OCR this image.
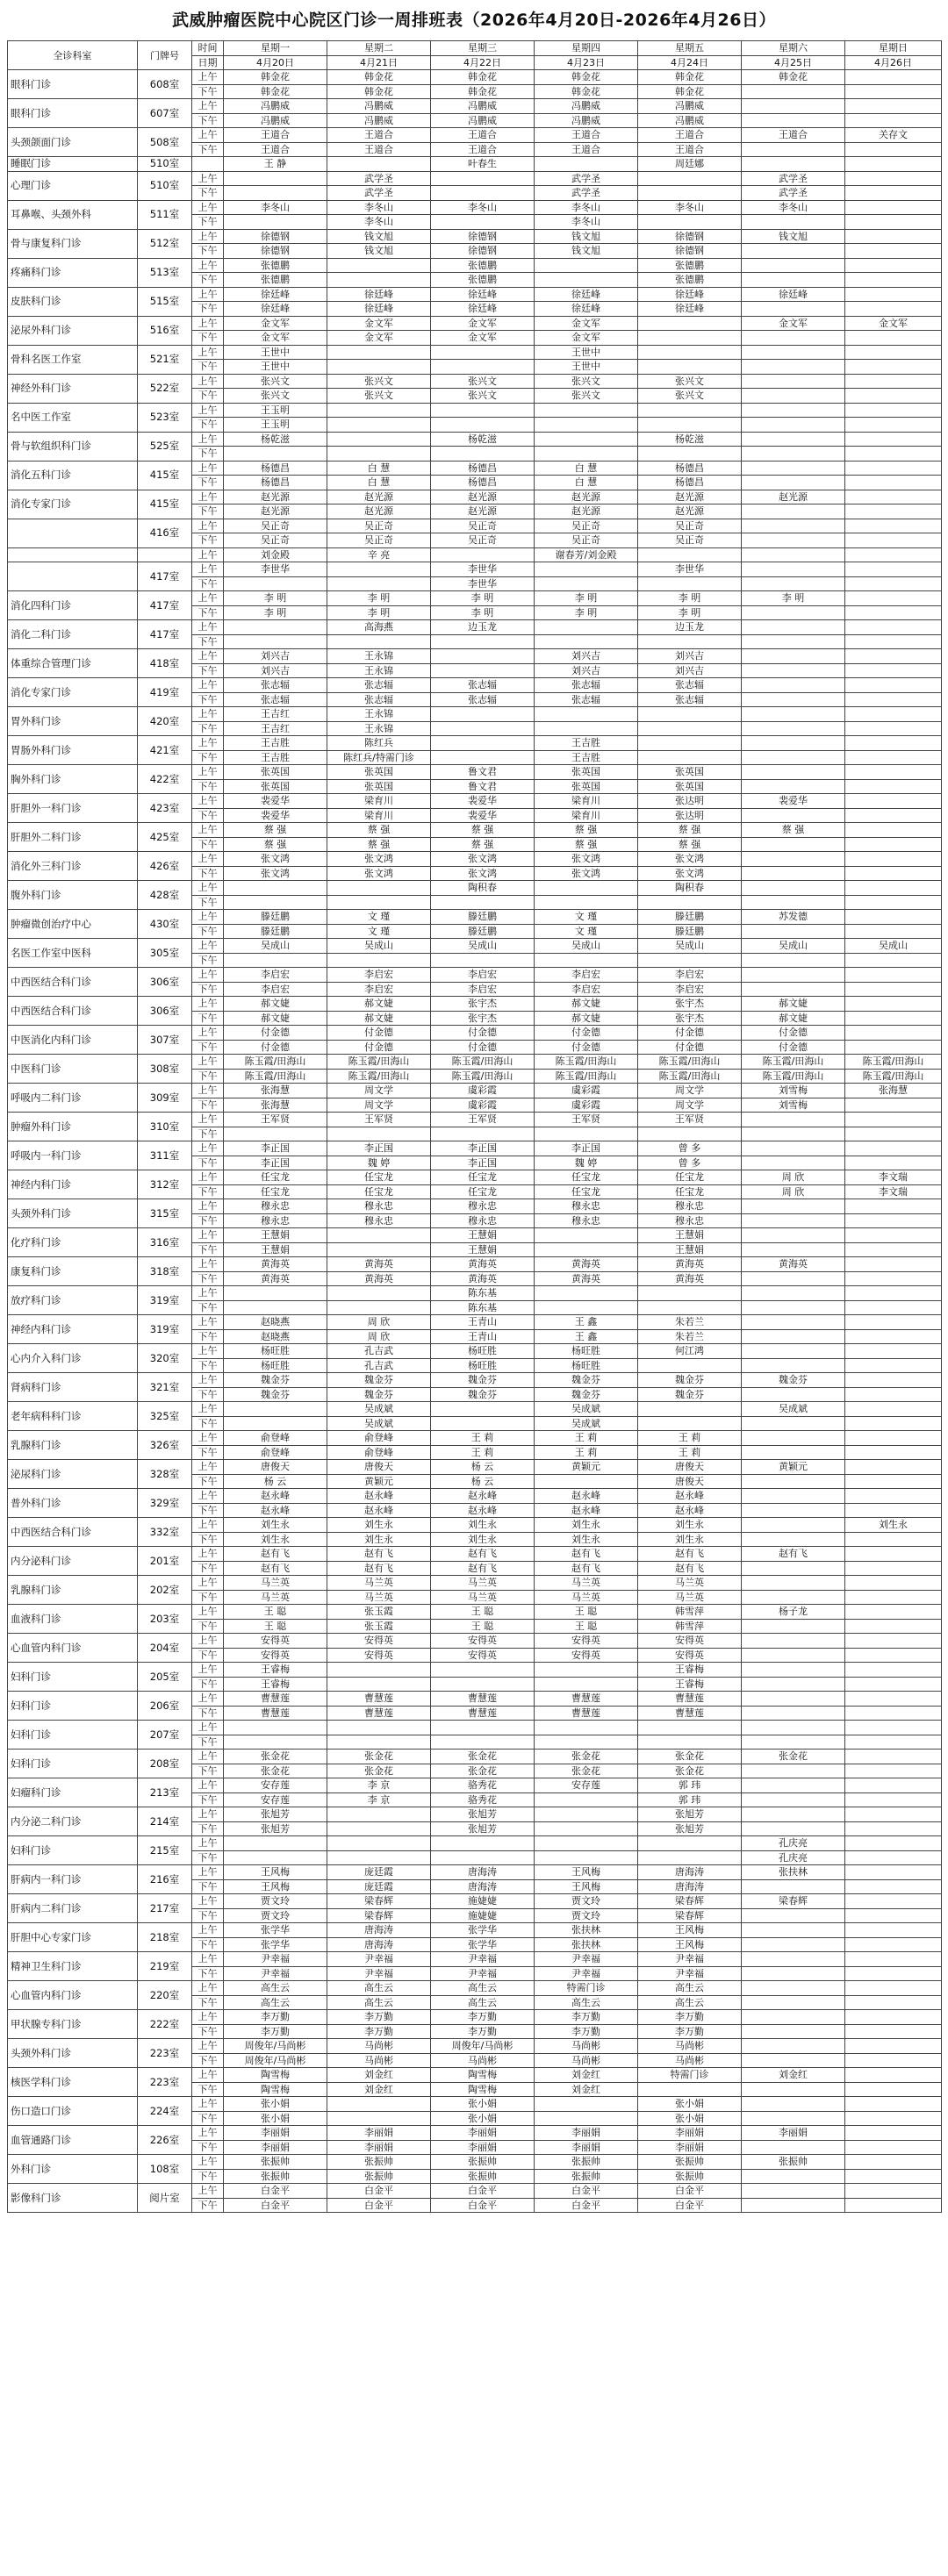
武威肿瘤医院中心院区门诊一周排班表（2026年4月20日-2026年4月26日）
全诊科室	门牌号	时间	星期一	星期二	星期三	星期四	星期五	星期六	星期日
		日期	4月20日	4月21日	4月22日	4月23日	4月24日	4月25日	4月26日
眼科门诊	608室	上午	韩金花	韩金花	韩金花	韩金花	韩金花	韩金花	
		下午	韩金花	韩金花	韩金花	韩金花	韩金花		
眼科门诊	607室	上午	冯鹏威	冯鹏威	冯鹏威	冯鹏威	冯鹏威		
		下午	冯鹏威	冯鹏威	冯鹏威	冯鹏威	冯鹏威		
头颈颌面门诊	508室	上午	王道合	王道合	王道合	王道合	王道合	王道合	关存文
		下午	王道合	王道合	王道合	王道合	王道合		
睡眠门诊	510室		王 静		叶春生		周廷娜		
心理门诊	510室	上午		武学圣		武学圣		武学圣	
		下午		武学圣		武学圣		武学圣	
耳鼻喉、头颈外科	511室	上午	李冬山	李冬山	李冬山	李冬山	李冬山	李冬山	
		下午		李冬山		李冬山			
骨与康复科门诊	512室	上午	徐德钢	钱文旭	徐德钢	钱文旭	徐德钢	钱文旭	
		下午	徐德钢	钱文旭	徐德钢	钱文旭	徐德钢		
疼痛科门诊	513室	上午	张德鹏		张德鹏		张德鹏		
		下午	张德鹏		张德鹏		张德鹏		
皮肤科门诊	515室	上午	徐廷峰	徐廷峰	徐廷峰	徐廷峰	徐廷峰	徐廷峰	
		下午	徐廷峰	徐廷峰	徐廷峰	徐廷峰	徐廷峰		
泌尿外科门诊	516室	上午	金文军	金文军	金文军	金文军		金文军	金文军
		下午	金文军	金文军	金文军	金文军			
骨科名医工作室	521室	上午	王世中			王世中			
		下午	王世中			王世中			
神经外科门诊	522室	上午	张兴文	张兴文	张兴文	张兴文	张兴文		
		下午	张兴文	张兴文	张兴文	张兴文	张兴文		
名中医工作室	523室	上午	王玉明						
		下午	王玉明						
骨与软组织科门诊	525室	上午	杨乾滋		杨乾滋		杨乾滋		
		下午							
消化五科门诊	415室	上午	杨德昌	白 慧	杨德昌	白 慧	杨德昌		
		下午	杨德昌	白 慧	杨德昌	白 慧	杨德昌		
消化专家门诊	415室	上午	赵光源	赵光源	赵光源	赵光源	赵光源	赵光源	
		下午	赵光源	赵光源	赵光源	赵光源	赵光源		
	416室	上午	吴正奇	吴正奇	吴正奇	吴正奇	吴正奇		
		下午	吴正奇	吴正奇	吴正奇	吴正奇	吴正奇		
		上午	刘金殿	辛 亮		谢春芳/刘金殿			
	417室	上午	李世华		李世华		李世华		
		下午			李世华				
消化四科门诊	417室	上午	李 明	李 明	李 明	李 明	李 明	李 明	
		下午	李 明	李 明	李 明	李 明	李 明		
消化二科门诊	417室	上午		高海燕	边玉龙		边玉龙		
		下午							
体重综合管理门诊	418室	上午	刘兴吉	王永锦		刘兴吉	刘兴吉		
		下午	刘兴吉	王永锦		刘兴吉	刘兴吉		
消化专家门诊	419室	上午	张志辐	张志辐	张志辐	张志辐	张志辐		
		下午	张志辐	张志辐	张志辐	张志辐	张志辐		
胃外科门诊	420室	上午	王吉红	王永锦					
		下午	王吉红	王永锦					
胃肠外科门诊	421室	上午	王吉胜	陈红兵		王吉胜			
		下午	王吉胜	陈红兵/特需门诊		王吉胜			
胸外科门诊	422室	上午	张英国	张英国	鲁文君	张英国	张英国		
		下午	张英国	张英国	鲁文君	张英国	张英国		
肝胆外一科门诊	423室	上午	裴爱华	梁育川	裴爱华	梁育川	张达明	裴爱华	
		下午	裴爱华	梁育川	裴爱华	梁育川	张达明		
肝胆外二科门诊	425室	上午	蔡 强	蔡 强	蔡 强	蔡 强	蔡 强	蔡 强	
		下午	蔡 强	蔡 强	蔡 强	蔡 强	蔡 强		
消化外三科门诊	426室	上午	张文鸿	张文鸿	张文鸿	张文鸿	张文鸿		
		下午	张文鸿	张文鸿	张文鸿	张文鸿	张文鸿		
腹外科门诊	428室	上午			陶积春		陶积春		
		下午							
肿瘤微创治疗中心	430室	上午	滕廷鹏	文 瑾	滕廷鹏	文 瑾	滕廷鹏	苏发德	
		下午	滕廷鹏	文 瑾	滕廷鹏	文 瑾	滕廷鹏		
名医工作室中医科	305室	上午	吴成山	吴成山	吴成山	吴成山	吴成山	吴成山	吴成山
		下午							
中西医结合科门诊	306室	上午	李启宏	李启宏	李启宏	李启宏	李启宏		
		下午	李启宏	李启宏	李启宏	李启宏	李启宏		
中西医结合科门诊	306室	上午	郝文婕	郝文婕	张宇杰	郝文婕	张宇杰	郝文婕	
		下午	郝文婕	郝文婕	张宇杰	郝文婕	张宇杰	郝文婕	
中医消化内科门诊	307室	上午	付金德	付金德	付金德	付金德	付金德	付金德	
		下午	付金德	付金德	付金德	付金德	付金德	付金德	
中医科门诊	308室	上午	陈玉霞/田海山	陈玉霞/田海山	陈玉霞/田海山	陈玉霞/田海山	陈玉霞/田海山	陈玉霞/田海山	陈玉霞/田海山
		下午	陈玉霞/田海山	陈玉霞/田海山	陈玉霞/田海山	陈玉霞/田海山	陈玉霞/田海山	陈玉霞/田海山	陈玉霞/田海山
呼吸内二科门诊	309室	上午	张海慧	周文学	虞彩霞	虞彩霞	周文学	刘雪梅	张海慧
		下午	张海慧	周文学	虞彩霞	虞彩霞	周文学	刘雪梅	
肿瘤外科门诊	310室	上午	王军贤	王军贤	王军贤	王军贤	王军贤		
		下午							
呼吸内一科门诊	311室	上午	李正国	李正国	李正国	李正国	曾 多		
		下午	李正国	魏 婷	李正国	魏 婷	曾 多		
神经内科门诊	312室	上午	任宝龙	任宝龙	任宝龙	任宝龙	任宝龙	周 欣	李文瑞
		下午	任宝龙	任宝龙	任宝龙	任宝龙	任宝龙	周 欣	李文瑞
头颈外科门诊	315室	上午	穆永忠	穆永忠	穆永忠	穆永忠	穆永忠		
		下午	穆永忠	穆永忠	穆永忠	穆永忠	穆永忠		
化疗科门诊	316室	上午	王慧娟		王慧娟		王慧娟		
		下午	王慧娟		王慧娟		王慧娟		
康复科门诊	318室	上午	黄海英	黄海英	黄海英	黄海英	黄海英	黄海英	
		下午	黄海英	黄海英	黄海英	黄海英	黄海英		
放疗科门诊	319室	上午			陈东基				
		下午			陈东基				
神经内科门诊	319室	上午	赵晓燕	周 欣	王青山	王 鑫	朱若兰		
		下午	赵晓燕	周 欣	王青山	王 鑫	朱若兰		
心内介入科门诊	320室	上午	杨旺胜	孔吉武	杨旺胜	杨旺胜	何江鸿		
		下午	杨旺胜	孔吉武	杨旺胜	杨旺胜			
肾病科门诊	321室	上午	魏金芬	魏金芬	魏金芬	魏金芬	魏金芬	魏金芬	
		下午	魏金芬	魏金芬	魏金芬	魏金芬	魏金芬		
老年病科科门诊	325室	上午		吴成斌		吴成斌		吴成斌	
		下午		吴成斌		吴成斌			
乳腺科门诊	326室	上午	俞登峰	俞登峰	王 莉	王 莉	王 莉		
		下午	俞登峰	俞登峰	王 莉	王 莉	王 莉		
泌尿科门诊	328室	上午	唐俊天	唐俊天	杨 云	黄颖元	唐俊天	黄颖元	
		下午	杨 云	黄颖元	杨 云		唐俊天		
普外科门诊	329室	上午	赵永峰	赵永峰	赵永峰	赵永峰	赵永峰		
		下午	赵永峰	赵永峰	赵永峰	赵永峰	赵永峰		
中西医结合科门诊	332室	上午	刘生永	刘生永	刘生永	刘生永	刘生永		刘生永
		下午	刘生永	刘生永	刘生永	刘生永	刘生永		
内分泌科门诊	201室	上午	赵有飞	赵有飞	赵有飞	赵有飞	赵有飞	赵有飞	
		下午	赵有飞	赵有飞	赵有飞	赵有飞	赵有飞		
乳腺科门诊	202室	上午	马兰英	马兰英	马兰英	马兰英	马兰英		
		下午	马兰英	马兰英	马兰英	马兰英	马兰英		
血液科门诊	203室	上午	王 聪	张玉霞	王 聪	王 聪	韩雪萍	杨子龙	
		下午	王 聪	张玉霞	王 聪	王 聪	韩雪萍		
心血管内科门诊	204室	上午	安得英	安得英	安得英	安得英	安得英		
		下午	安得英	安得英	安得英	安得英	安得英		
妇科门诊	205室	上午	王睿梅				王睿梅		
		下午	王睿梅				王睿梅		
妇科门诊	206室	上午	曹慧莲	曹慧莲	曹慧莲	曹慧莲	曹慧莲		
		下午	曹慧莲	曹慧莲	曹慧莲	曹慧莲	曹慧莲		
妇科门诊	207室	上午							
		下午							
妇科门诊	208室	上午	张金花	张金花	张金花	张金花	张金花	张金花	
		下午	张金花	张金花	张金花	张金花	张金花		
妇瘤科门诊	213室	上午	安存莲	李 京	骆秀花	安存莲	郭 玮		
		下午	安存莲	李 京	骆秀花		郭 玮		
内分泌二科门诊	214室	上午	张旭芳		张旭芳		张旭芳		
		下午	张旭芳		张旭芳		张旭芳		
妇科门诊	215室	上午						孔庆亮	
		下午						孔庆亮	
肝病内一科门诊	216室	上午	王风梅	庞廷霞	唐海涛	王风梅	唐海涛	张扶林	
		下午	王风梅	庞廷霞	唐海涛	王风梅	唐海涛		
肝病内二科门诊	217室	上午	贾文玲	梁春辉	施婕婕	贾文玲	梁春辉	梁春辉	
		下午	贾文玲	梁春辉	施婕婕	贾文玲	梁春辉		
肝胆中心专家门诊	218室	上午	张学华	唐海涛	张学华	张扶林	王风梅		
		下午	张学华	唐海涛	张学华	张扶林	王风梅		
精神卫生科门诊	219室	上午	尹幸福	尹幸福	尹幸福	尹幸福	尹幸福		
		下午	尹幸福	尹幸福	尹幸福	尹幸福	尹幸福		
心血管内科门诊	220室	上午	高生云	高生云	高生云	特需门诊	高生云		
		下午	高生云	高生云	高生云	高生云	高生云		
甲状腺专科门诊	222室	上午	李万勤	李万勤	李万勤	李万勤	李万勤		
		下午	李万勤	李万勤	李万勤	李万勤	李万勤		
头颈外科门诊	223室	上午	周俊年/马尚彬	马尚彬	周俊年/马尚彬	马尚彬	马尚彬		
		下午	周俊年/马尚彬	马尚彬	马尚彬	马尚彬	马尚彬		
核医学科门诊	223室	上午	陶雪梅	刘金红	陶雪梅	刘金红	特需门诊	刘金红	
		下午	陶雪梅	刘金红	陶雪梅	刘金红			
伤口造口门诊	224室	上午	张小娟		张小娟		张小娟		
		下午	张小娟		张小娟		张小娟		
血管通路门诊	226室	上午	李丽娟	李丽娟	李丽娟	李丽娟	李丽娟	李丽娟	
		下午	李丽娟	李丽娟	李丽娟	李丽娟	李丽娟		
外科门诊	108室	上午	张振帅	张振帅	张振帅	张振帅	张振帅	张振帅	
		下午	张振帅	张振帅	张振帅	张振帅	张振帅		
影像科门诊	阅片室	上午	白金平	白金平	白金平	白金平	白金平		
		下午	白金平	白金平	白金平	白金平	白金平		
